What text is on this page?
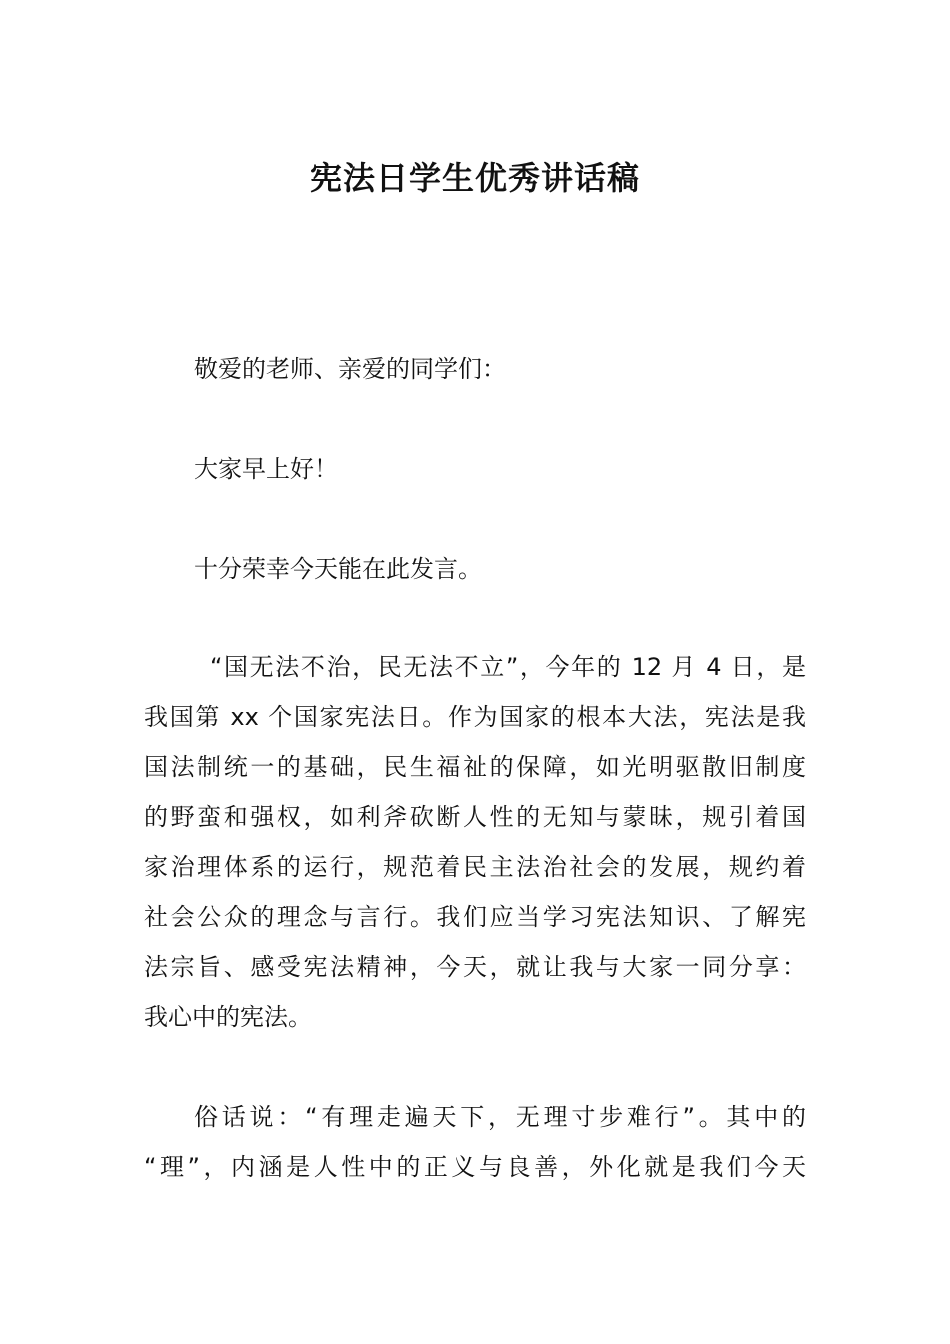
宪法日学生优秀讲话稿

敬爱的老师、亲爱的同学们：

大家早上好！

十分荣幸今天能在此发言。

“国无法不治，民无法不立”，今年的 12 月 4 日，是
我国第 xx 个国家宪法日。作为国家的根本大法，宪法是我
国法制统一的基础，民生福祉的保障，如光明驱散旧制度
的野蛮和强权，如利斧砍断人性的无知与蒙昧，规引着国
家治理体系的运行，规范着民主法治社会的发展，规约着
社会公众的理念与言行。我们应当学习宪法知识、了解宪
法宗旨、感受宪法精神，今天，就让我与大家一同分享：
我心中的宪法。
俗话说：“有理走遍天下，无理寸步难行”。其中的
“理”，内涵是人性中的正义与良善，外化就是我们今天
